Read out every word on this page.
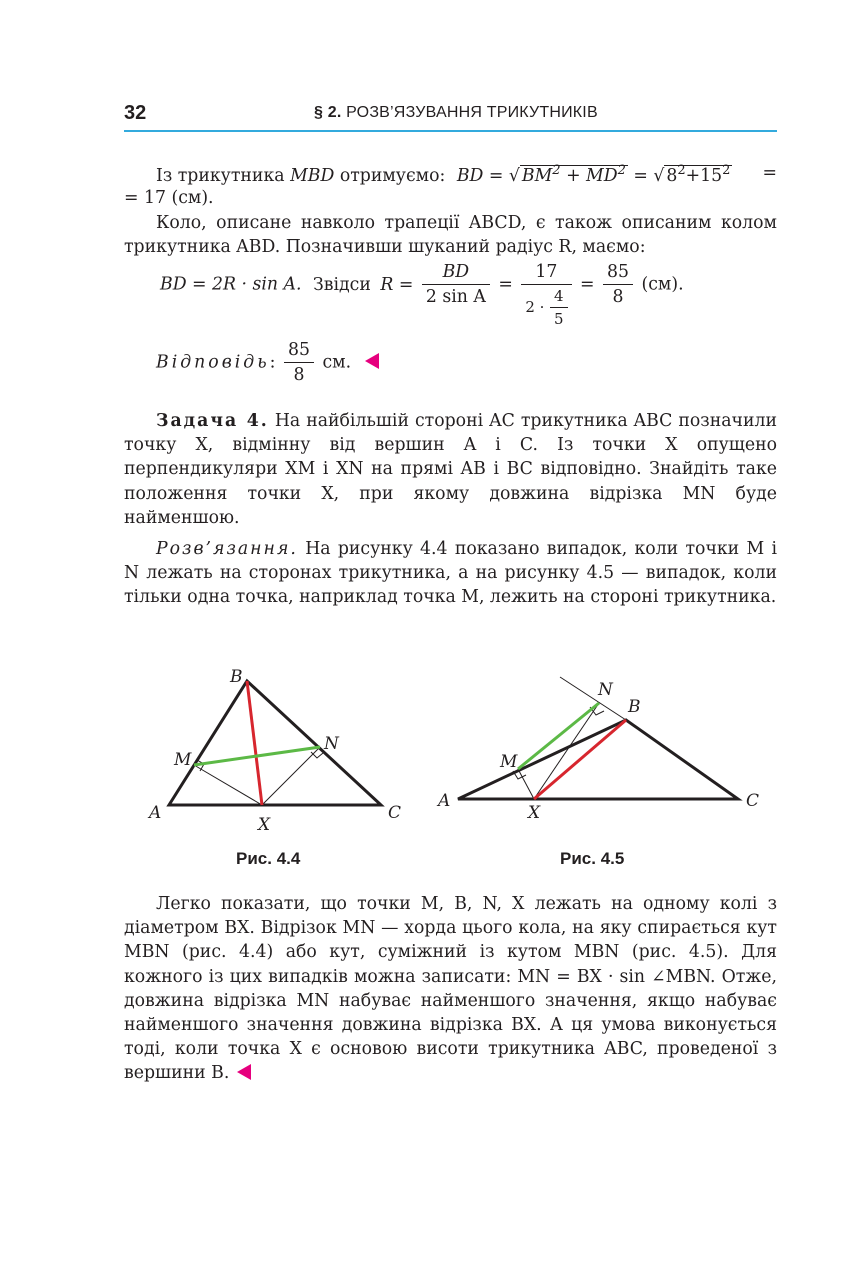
32	§ 2. РОЗВ’ЯЗУВАННЯ ТРИКУТНИКІВ
Із трикутника MBD отримуємо: BD = √ $BM^2 + MD^2$ = √ $8^2+15^2$ =
= 17 (см).

Коло, описане навколо трапеції ABCD, є також описаним колом трикутника ABD. Позначивши шуканий радіус R, маємо:

BD = 2R · sin A. Звідси $R = \frac{BD}{\text{2 sin A}} = \frac{17}{2 \cdot \frac{4}{5}} = \frac{85}{8} (см)$.
Відповідь: $\frac{85}{8}$ см.

Задача 4. На найбільшій стороні AC трикутника ABC позначили точку X, відмінну від вершин A і C. Із точки X опущено перпендикуляри XM і XN на прямі AB і BC відповідно. Знайдіть таке положення точки X, при якому довжина відрізка MN буде найменшою.

Розв’язання. На рисунку 4.4 показано випадок, коли точки M і N лежать на сторонах трикутника, а на рисунку 4.5 — випадок, коли тільки одна точка, наприклад точка M, лежить на стороні трикутника.

B
M
N
A
X
C
Рис. 4.4
N
B
M
A
X
C
Рис. 4.5

Легко показати, що точки M, B, N, X лежать на одному колі з діаметром BX. Відрізок MN — хорда цього кола, на яку спирається кут MBN (рис. 4.4) або кут, суміжний із кутом MBN (рис. 4.5). Для кожного із цих випадків можна записати: MN = BX · sin ∠MBN. Отже, довжина відрізка MN набуває найменшого значення, якщо набуває найменшого значення довжина відрізка BX. А ця умова виконується тоді, коли точка X є основою висоти трикутника ABC, проведеної з вершини B.
